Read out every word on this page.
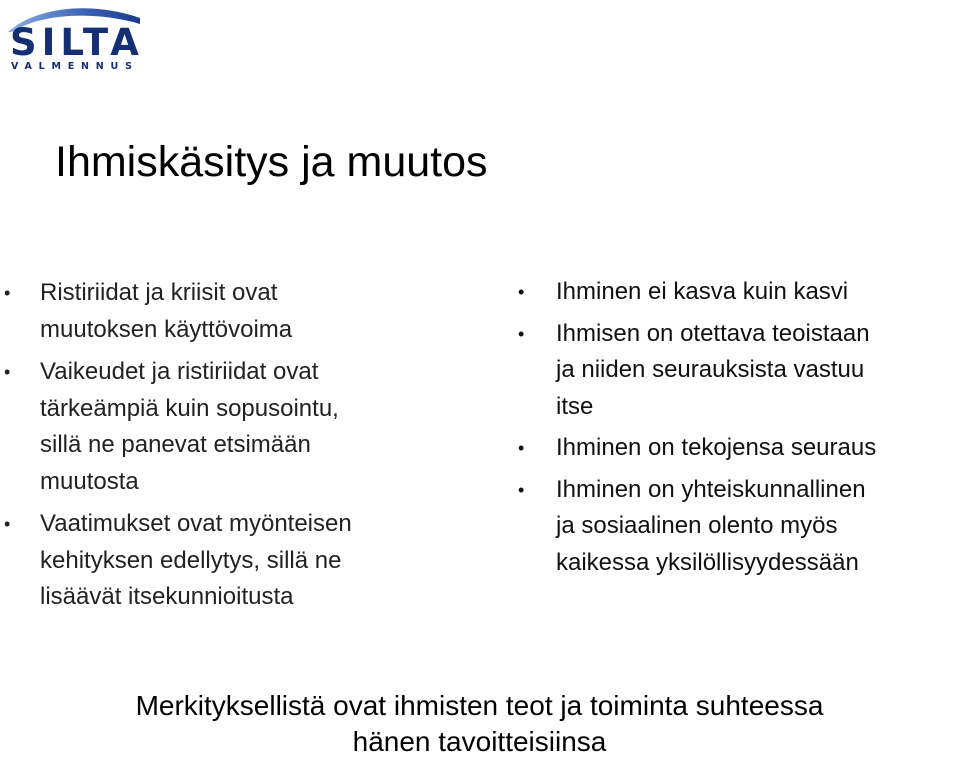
SILTA
VALMENNUS
Ihmiskäsitys ja muutos
• Ristiriidat ja kriisit ovat
muutoksen käyttövoima
• Vaikeudet ja ristiriidat ovat
tärkeämpiä kuin sopusointu,
sillä ne panevat etsimään
muutosta
• Vaatimukset ovat myönteisen
kehityksen edellytys, sillä ne
lisäävät itsekunnioitusta
• Ihminen ei kasva kuin kasvi
• Ihmisen on otettava teoistaan
ja niiden seurauksista vastuu
itse
• Ihminen on tekojensa seuraus
• Ihminen on yhteiskunnallinen
ja sosiaalinen olento myös
kaikessa yksilöllisyydessään
Merkityksellistä ovat ihmisten teot ja toiminta suhteessa
hänen tavoitteisiinsa
